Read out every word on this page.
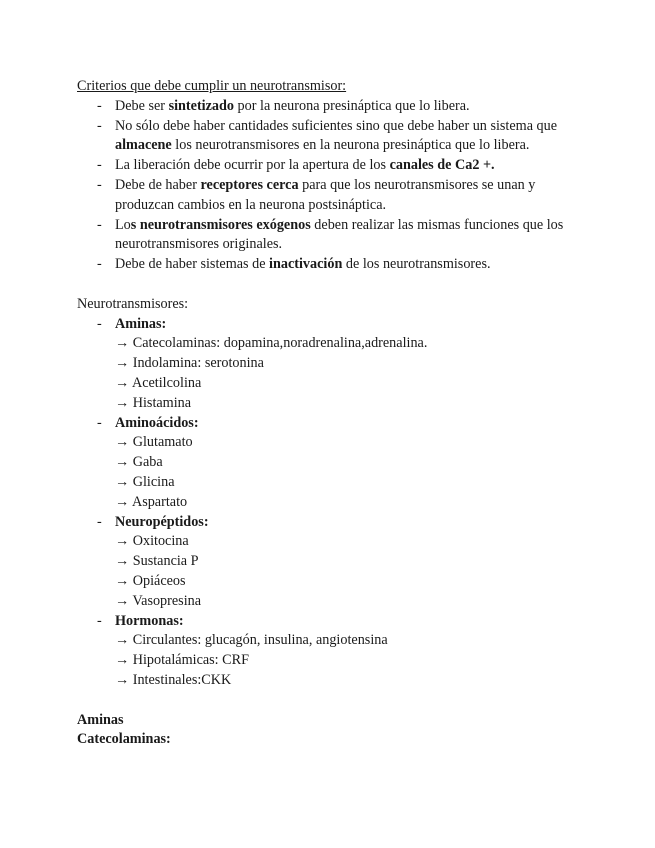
Criterios que debe cumplir un neurotransmisor:

- Debe ser sintetizado por la neurona presináptica que lo libera.
- No sólo debe haber cantidades suficientes sino que debe haber un sistema que almacene los neurotransmisores en la neurona presináptica que lo libera.
- La liberación debe ocurrir por la apertura de los canales de Ca2 +.
- Debe de haber receptores cerca para que los neurotransmisores se unan y produzcan cambios en la neurona postsináptica.
- Los neurotransmisores exógenos deben realizar las mismas funciones que los neurotransmisores originales.
- Debe de haber sistemas de inactivación de los neurotransmisores.

Neurotransmisores:

- Aminas:
→ Catecolaminas: dopamina,noradrenalina,adrenalina.
→ Indolamina: serotonina
→ Acetilcolina
→ Histamina
- Aminoácidos:
→ Glutamato
→ Gaba
→ Glicina
→ Aspartato
- Neuropéptidos:
→ Oxitocina
→ Sustancia P
→ Opiáceos
→ Vasopresina
- Hormonas:
→ Circulantes: glucagón, insulina, angiotensina
→ Hipotalámicas: CRF
→ Intestinales:CKK

Aminas

Catecolaminas:
